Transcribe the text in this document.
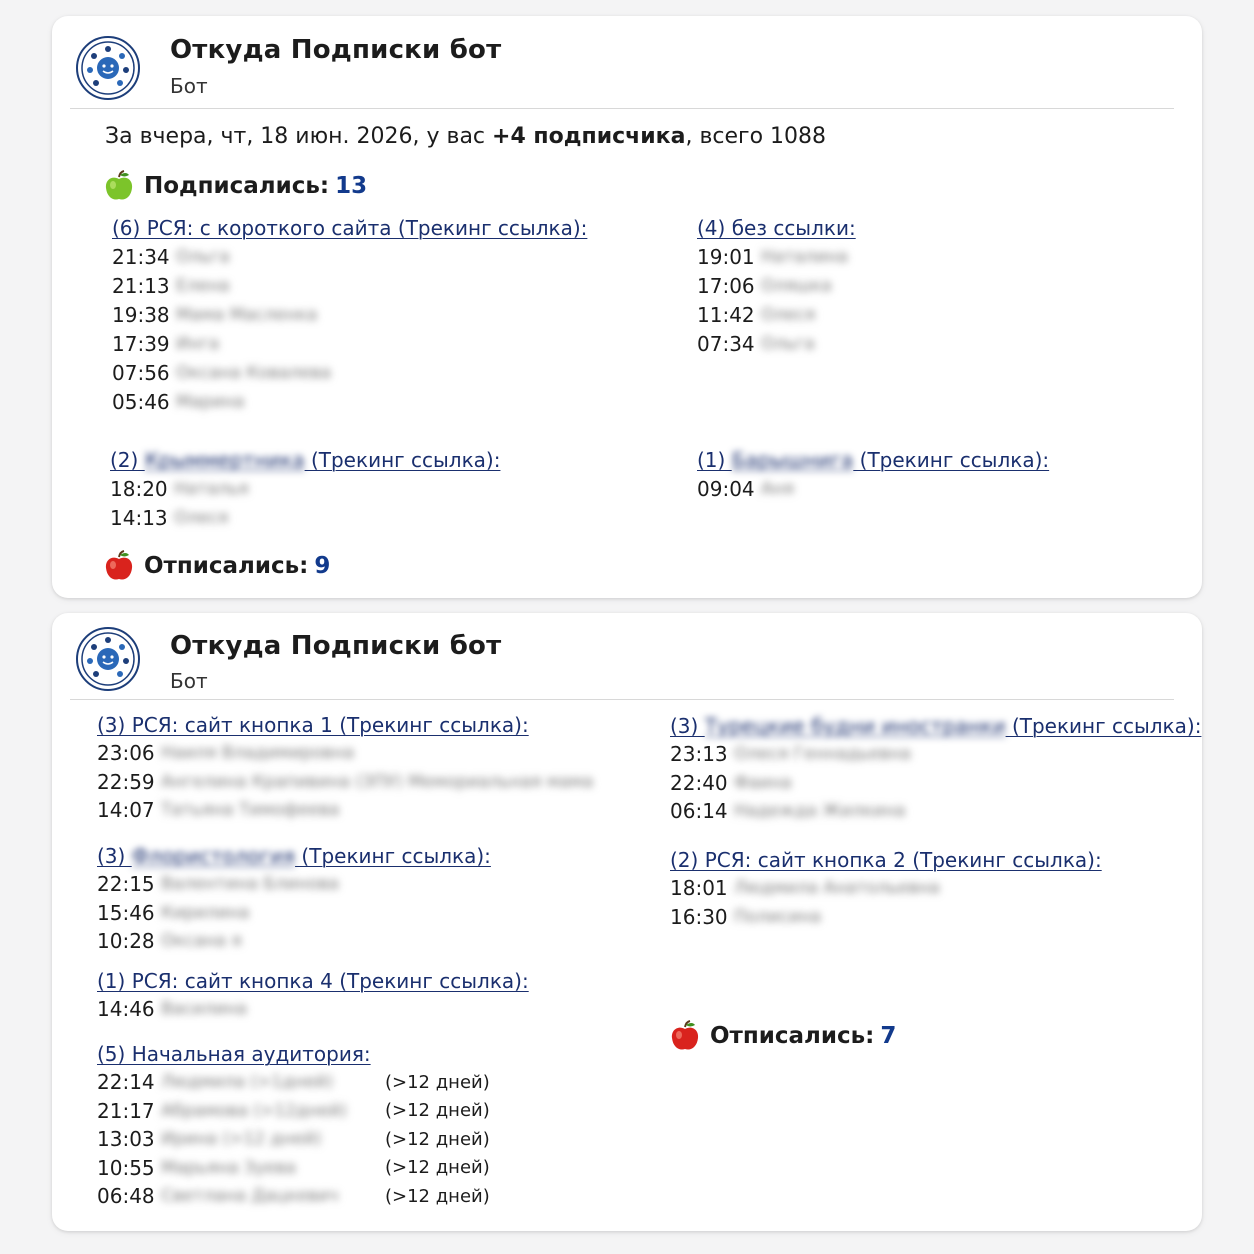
Откуда Подписки бот
Бот
За вчера, чт, 18 июн. 2026, у вас +4 подписчика, всего 1088
Подписались: 13
(6) РСЯ: с короткого сайта (Трекинг ссылка):
21:34 Ольга
21:13 Елена
19:38 Мама Масленка
17:39 Инга
07:56 Оксана Ковалева
05:46 Марина
(4) без ссылки:
19:01 Наталина
17:06 Оляшка
11:42 Олеся
07:34 Ольга
(2) Крыммертника (Трекинг ссылка):
18:20 Наталья
14:13 Олеся
(1) Барышнига (Трекинг ссылка):
09:04 Аня
Отписались: 9
Откуда Подписки бот
Бот
(3) РСЯ: сайт кнопка 1 (Трекинг ссылка):
23:06 Наиля Владимировна
22:59 Ангелина Крапивина (ЗПУ) Мемориальная мама
14:07 Татьяна Тимофеева
(3) Флористология (Трекинг ссылка):
22:15 Валентина Блинова
15:46 Кирилина
10:28 Оксана я
(1) РСЯ: сайт кнопка 4 (Трекинг ссылка):
14:46 Василина
(5) Начальная аудитория:
22:14 Людмила (>1дней)	(>12 дней)
21:17 Абрамова (>12дней) (>12 дней)
13:03 Ирина (>12 дней)	(>12 дней)
10:55 Марьяна Зуева	(>12 дней)
06:48 Светлана Дацкевич	(>12 дней)
(3) Турецкие будни иностранки (Трекинг ссылка):
23:13 Олеся Геннадьевна
22:40 Фаина
06:14 Надежда Жилкина
(2) РСЯ: сайт кнопка 2 (Трекинг ссылка):
18:01 Людмила Анатольевна
16:30 Полисина
Отписались: 7
